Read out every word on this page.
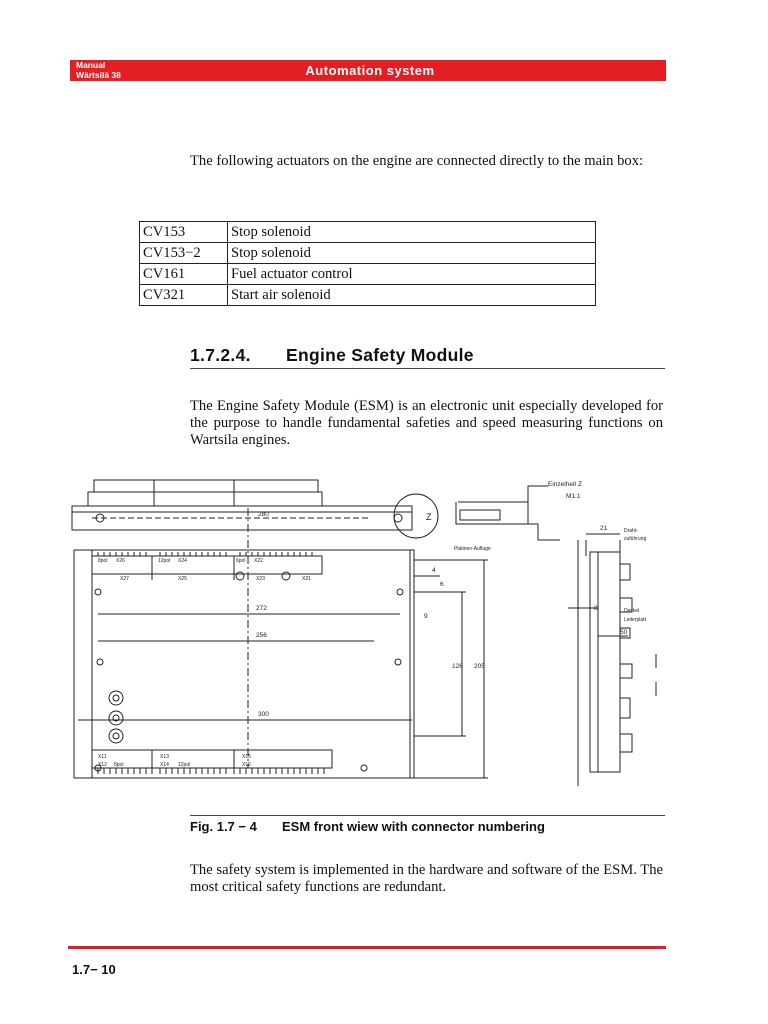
Manual
Wärtsilä 38	Automation system
The following actuators on the engine are connected directly to the main box:
CV153	Stop solenoid
CV153−2	Stop solenoid
CV161	Fuel actuator control
CV321	Start air solenoid
1.7.2.4. Engine Safety Module
The Engine Safety Module (ESM) is an electronic unit especially developed for the purpose to handle fundamental safeties and speed measuring functions on Wartsila engines.
280
272
256
300
4
6
9
126 205
21
8
50
Einzelheit Z
M1:1
Z
Platinen-Auflage
Draht-
zuführung
Deckel
Leiterplatt
8pol X26	12pol X24	6pol X22
X27	X25	X23	X21
X11	X13	X15
X12 8pol	X14 12pol	X16
Fig. 1.7 − 4 ESM front wiew with connector numbering
The safety system is implemented in the hardware and software of the ESM. The most critical safety functions are redundant.
1.7− 10
